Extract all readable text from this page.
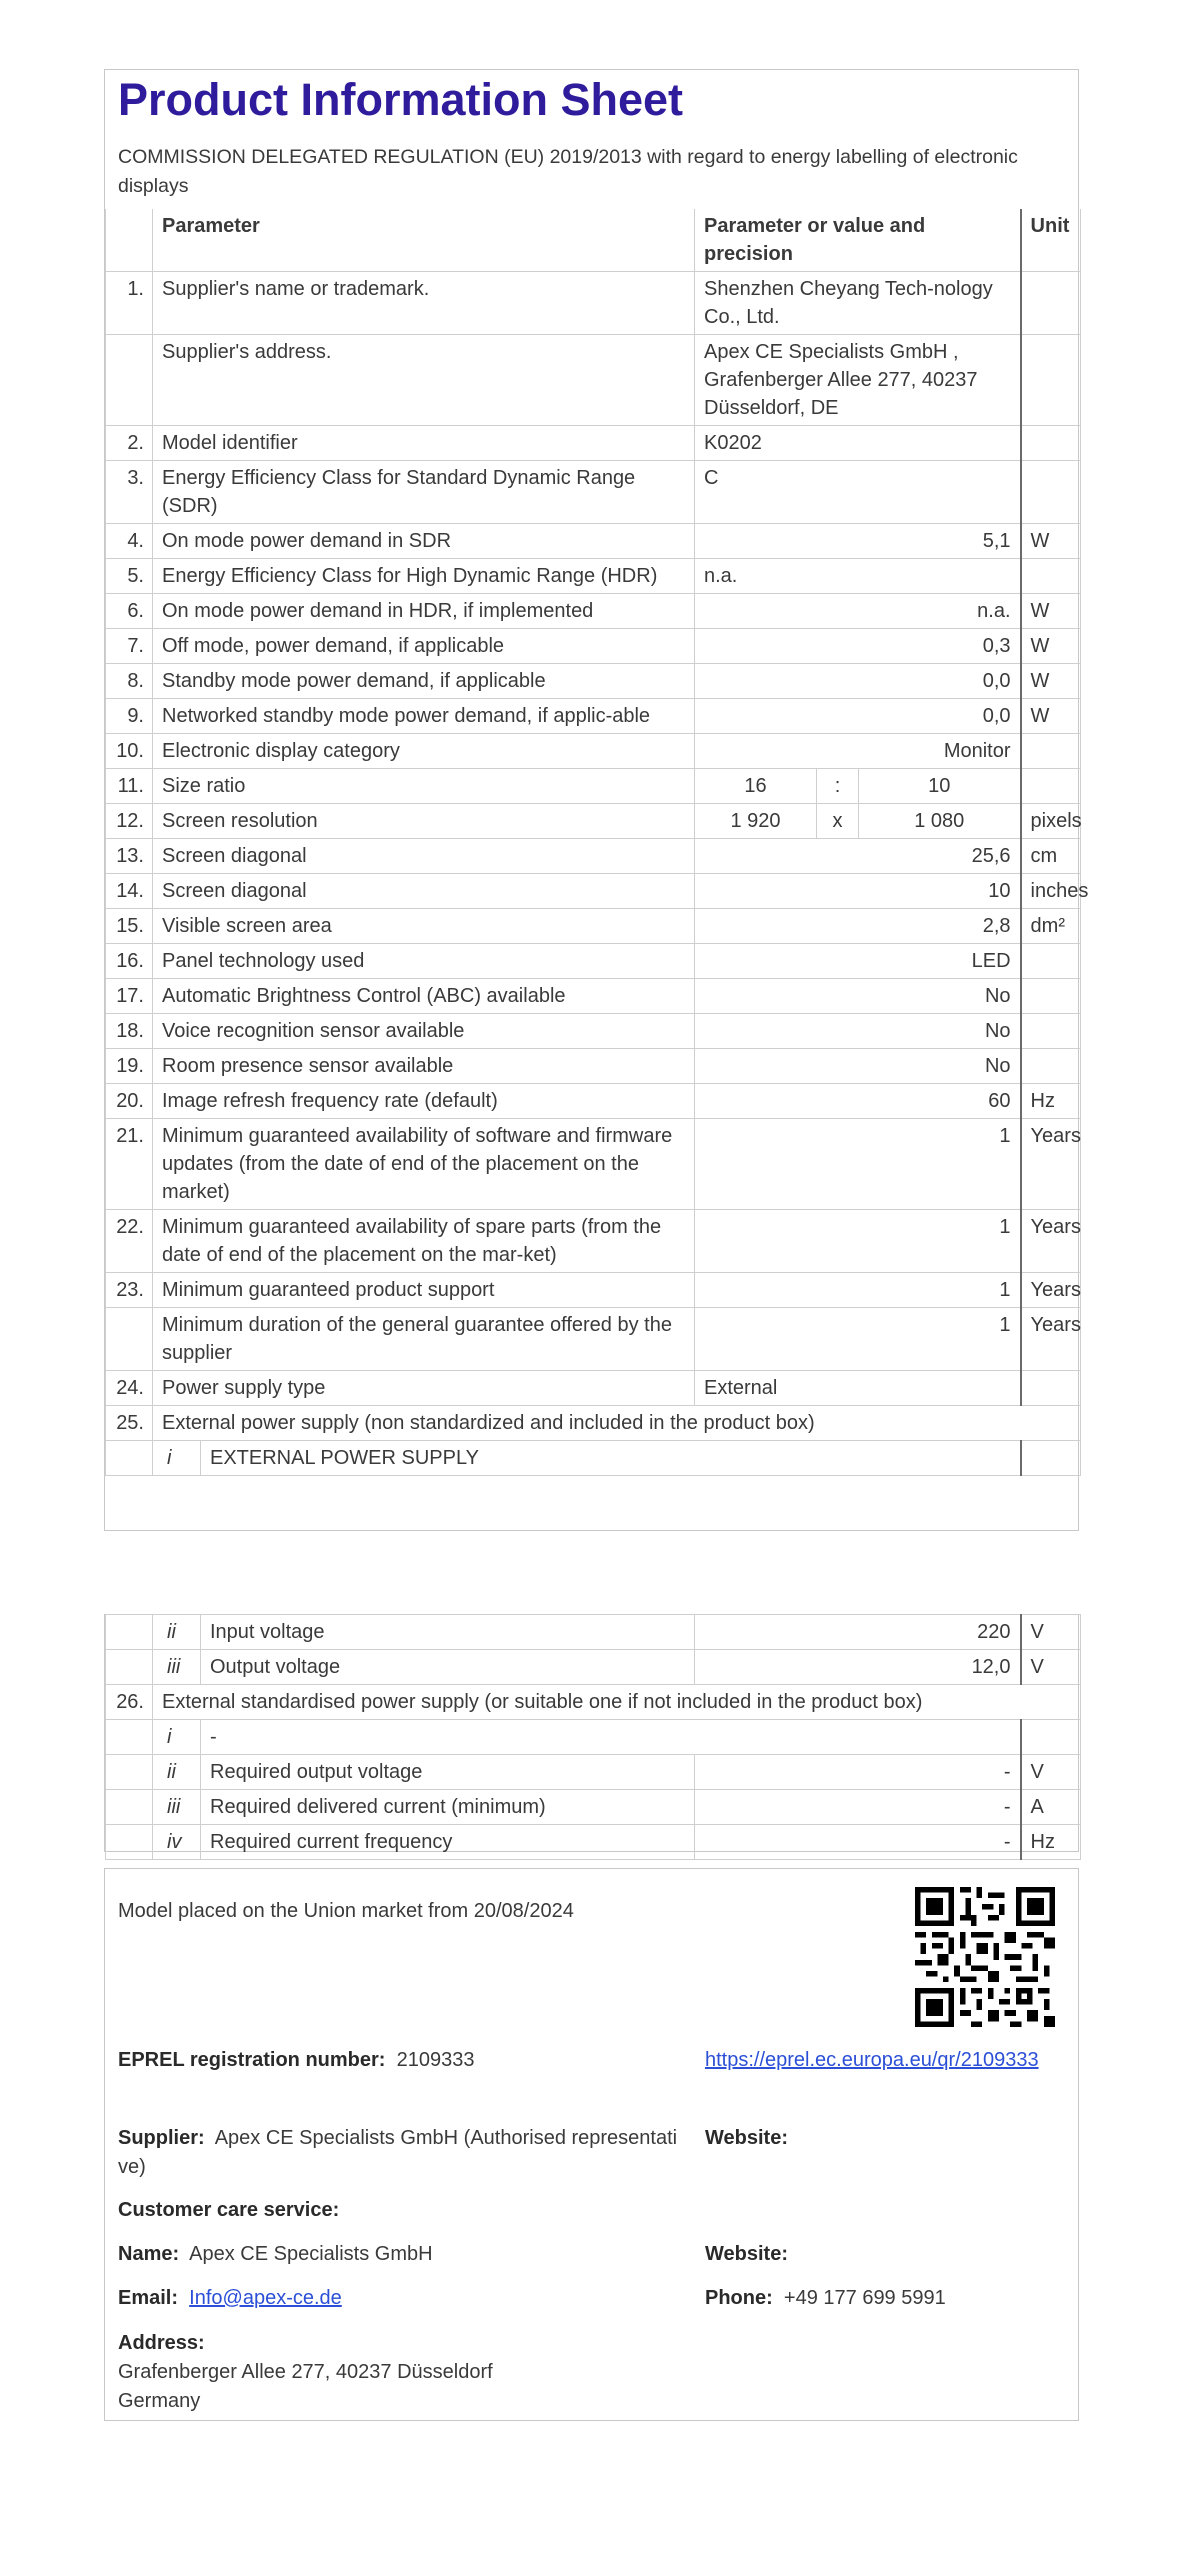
Product Information Sheet
COMMISSION DELEGATED REGULATION (EU) 2019/2013 with regard to energy labelling of electronic displays
	Parameter		Parameter or value and precision			Unit
1.	Supplier's name or trademark.		Shenzhen Cheyang Tech-nology Co., Ltd.			
	Supplier's address.		Apex CE Specialists GmbH , Grafenberger Allee 277, 40237 Düsseldorf, DE			
2.	Model identifier		K0202			
3.	Energy Efficiency Class for Standard Dynamic Range (SDR)		C			
4.	On mode power demand in SDR		5,1			W
5.	Energy Efficiency Class for High Dynamic Range (HDR)		n.a.			
6.	On mode power demand in HDR, if implemented		n.a.			W
7.	Off mode, power demand, if applicable		0,3			W
8.	Standby mode power demand, if applicable		0,0			W
9.	Networked standby mode power demand, if applic-able		0,0			W
10.	Electronic display category		Monitor			
11.	Size ratio		16	:	10	
12.	Screen resolution		1 920	x	1 080	pixels
13.	Screen diagonal		25,6			cm
14.	Screen diagonal		10			inches
15.	Visible screen area		2,8			dm²
16.	Panel technology used		LED			
17.	Automatic Brightness Control (ABC) available		No			
18.	Voice recognition sensor available		No			
19.	Room presence sensor available		No			
20.	Image refresh frequency rate (default)		60			Hz
21.	Minimum guaranteed availability of software and firmware updates (from the date of end of the placement on the market)		1			Years
22.	Minimum guaranteed availability of spare parts (from the date of end of the placement on the mar-ket)		1			Years
23.	Minimum guaranteed product support		1			Years
	Minimum duration of the general guarantee offered by the supplier		1			Years
24.	Power supply type		External			
25.	External power supply (non standardized and included in the product box)					
	i	EXTERNAL POWER SUPPLY				
	ii	Input voltage	220	V
	iii	Output voltage	12,0	V
26.	External standardised power supply (or suitable one if not included in the product box)			
	i	-		
	ii	Required output voltage	-	V
	iii	Required delivered current (minimum)	-	A
	iv	Required current frequency	-	Hz
Model placed on the Union market from 20/08/2024
EPREL registration number: 2109333	https://eprel.ec.europa.eu/qr/2109333
Supplier: Apex CE Specialists GmbH (Authorised representative)
Website:
Customer care service:
Name: Apex CE Specialists GmbH	Website:
Email: Info@apex-ce.de	Phone: +49 177 699 5991
Address:
Grafenberger Allee 277, 40237 Düsseldorf
Germany
